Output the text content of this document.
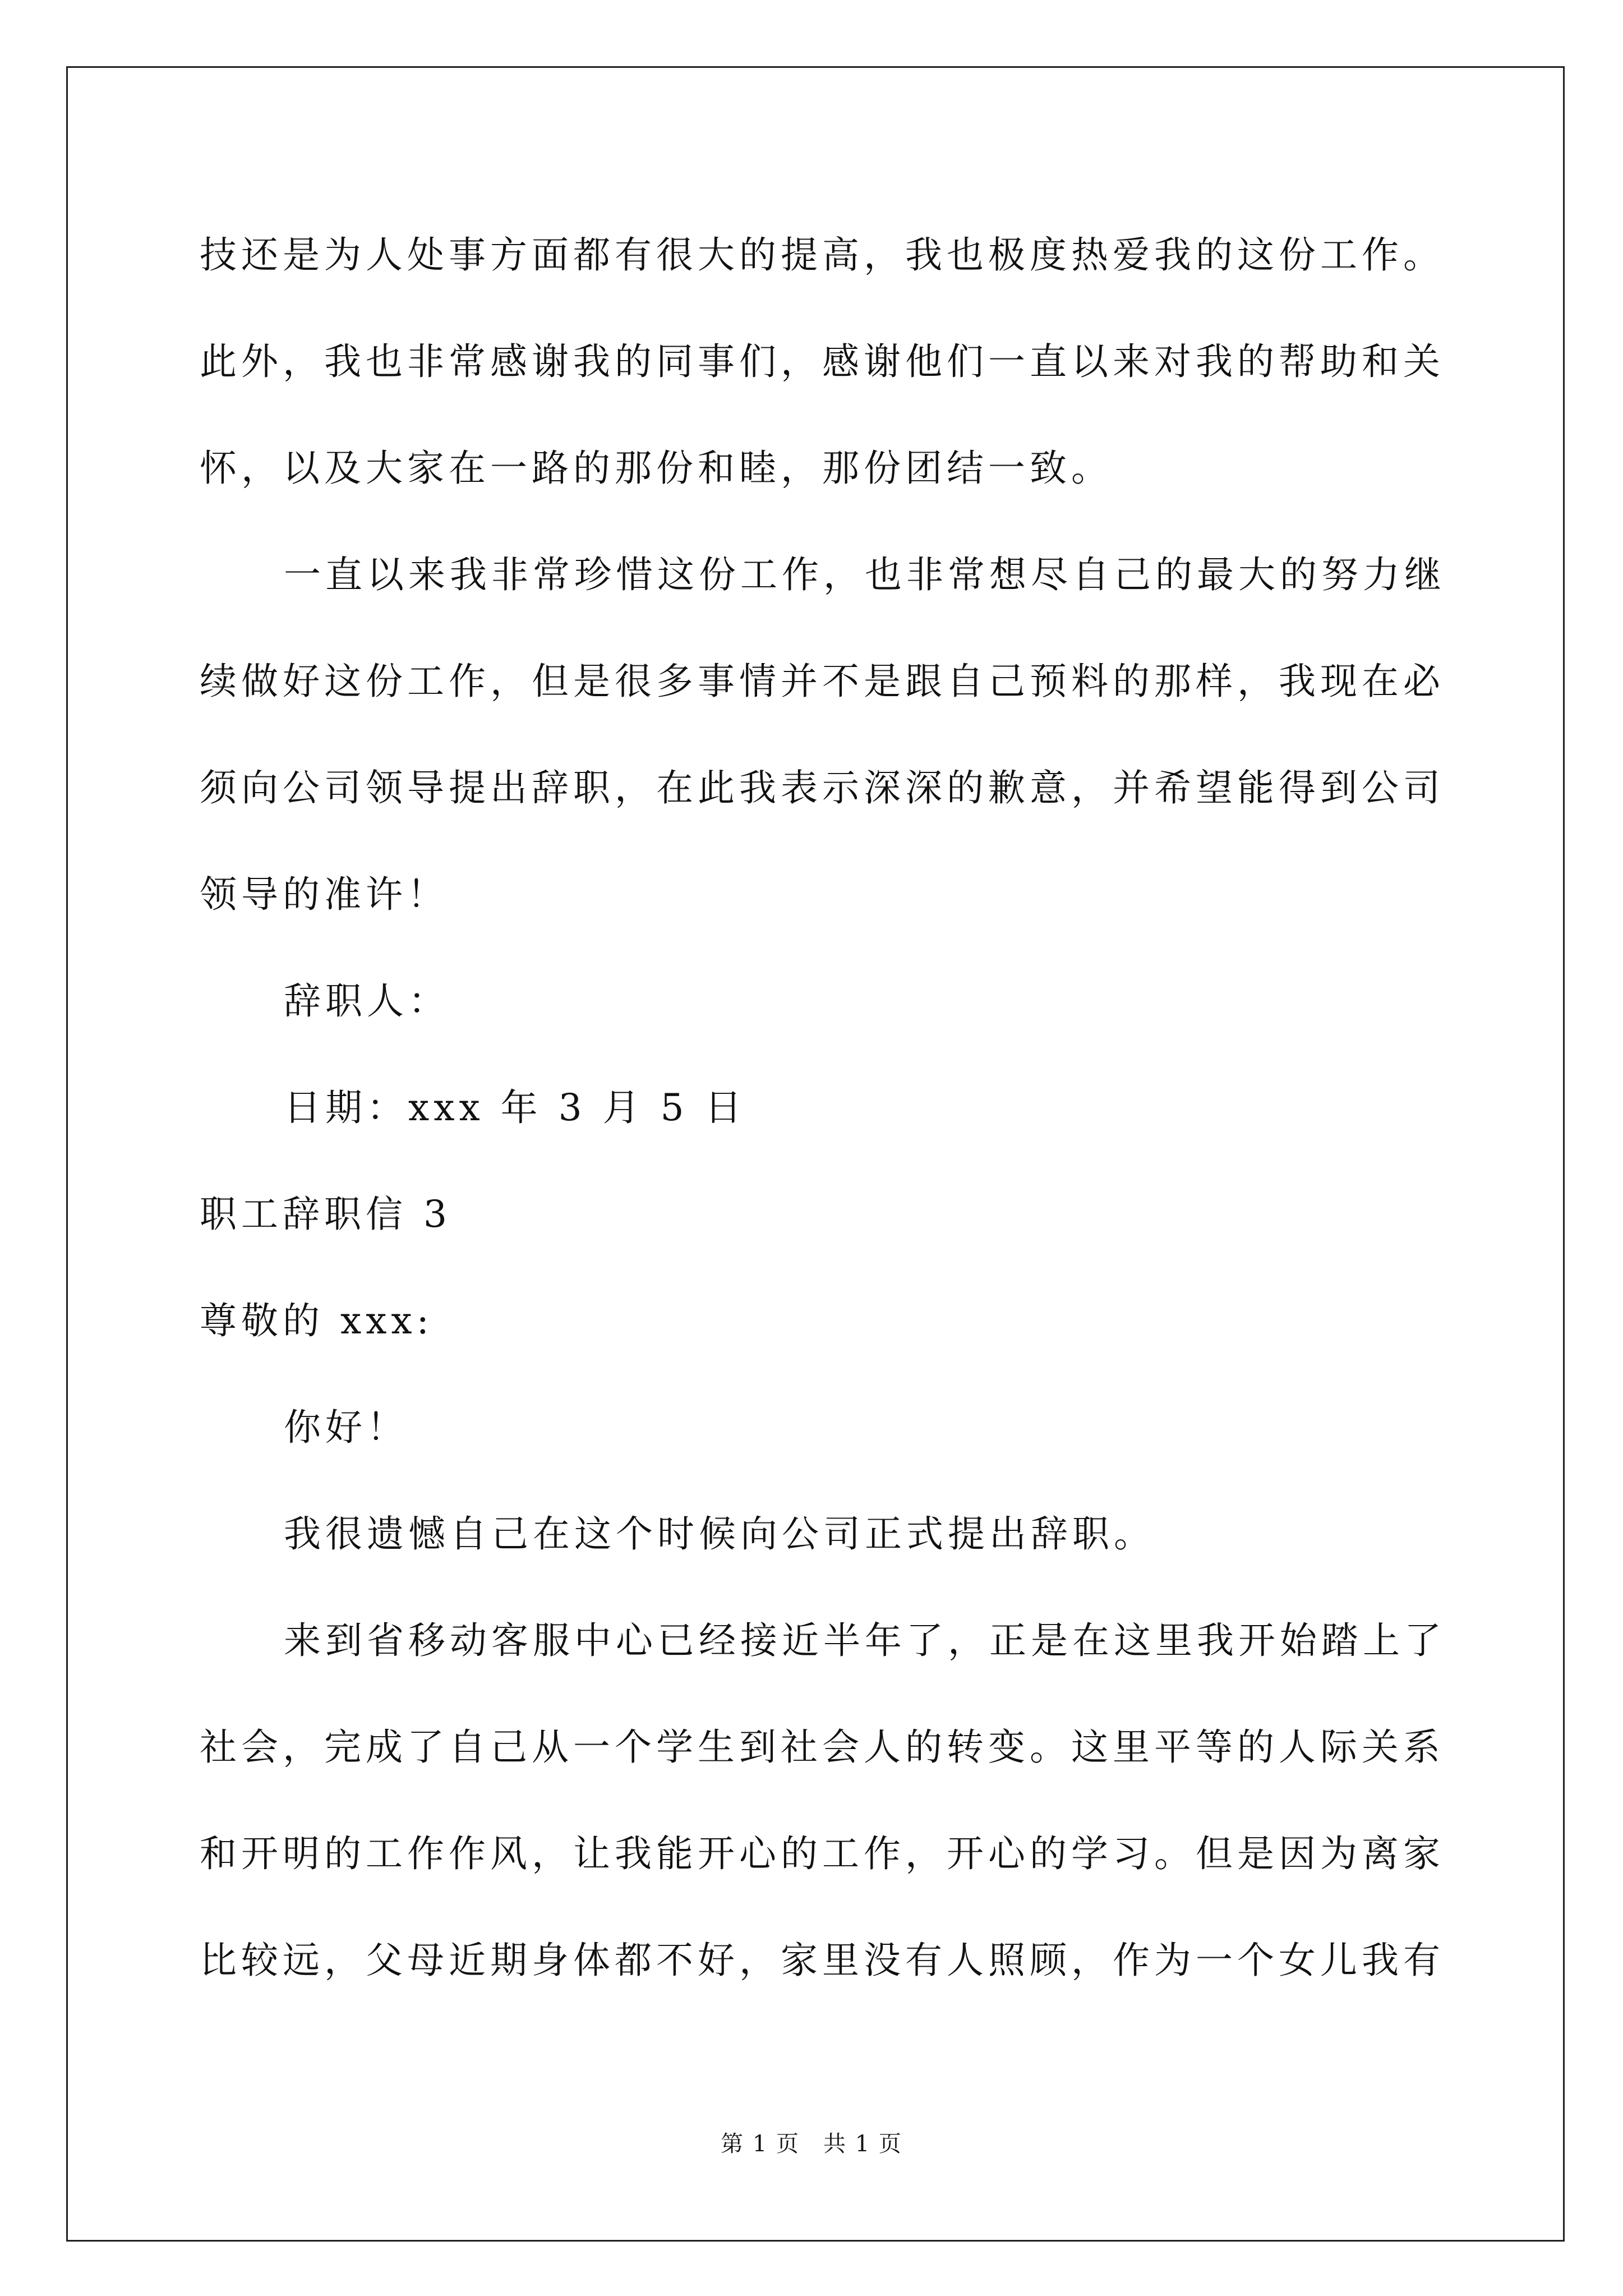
技还是为人处事方面都有很大的提高，我也极度热爱我的这份工作。
此外，我也非常感谢我的同事们，感谢他们一直以来对我的帮助和关
怀，以及大家在一路的那份和睦，那份团结一致。
一直以来我非常珍惜这份工作，也非常想尽自己的最大的努力继
续做好这份工作，但是很多事情并不是跟自己预料的那样，我现在必
须向公司领导提出辞职，在此我表示深深的歉意，并希望能得到公司
领导的准许！
辞职人：
日期：xxx 年 3 月 5 日
职工辞职信 3
尊敬的 xxx:
你好！
我很遗憾自己在这个时候向公司正式提出辞职。
来到省移动客服中心已经接近半年了，正是在这里我开始踏上了
社会，完成了自己从一个学生到社会人的转变。这里平等的人际关系
和开明的工作作风，让我能开心的工作，开心的学习。但是因为离家
比较远，父母近期身体都不好，家里没有人照顾，作为一个女儿我有
第 1 页　共 1 页
